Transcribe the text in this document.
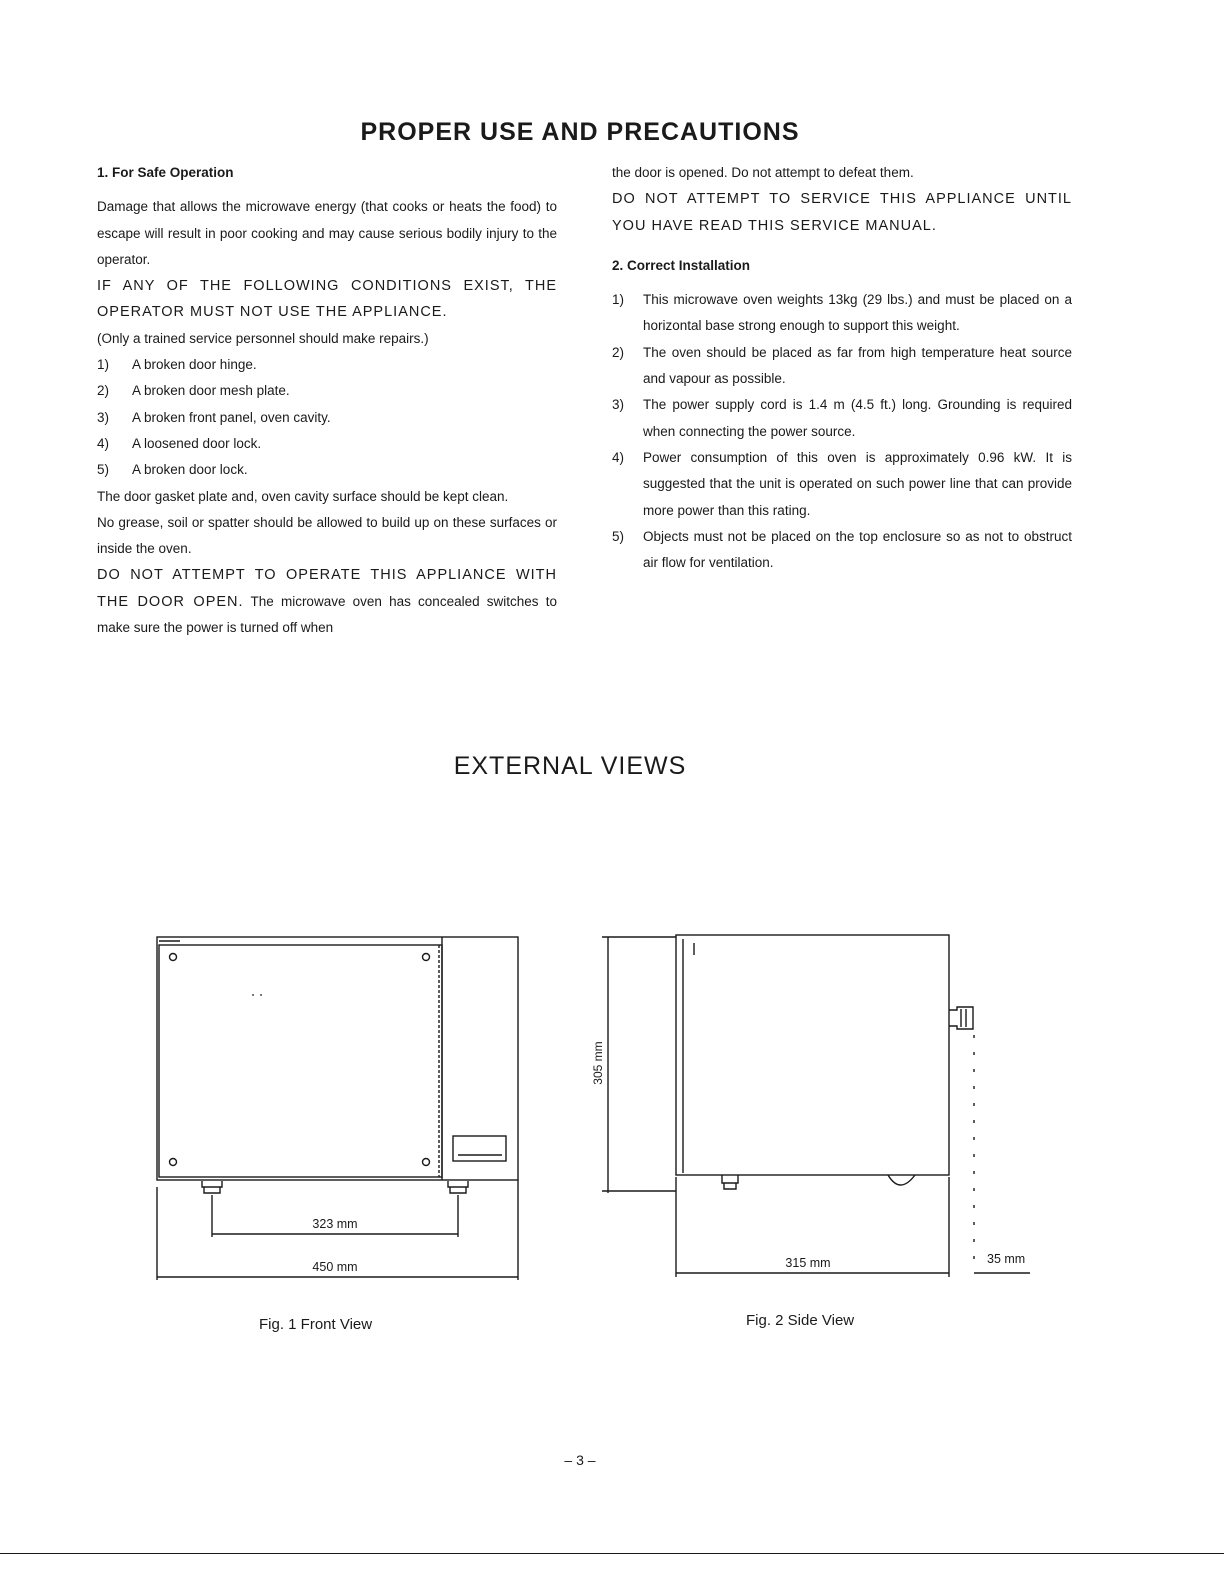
PROPER USE AND PRECAUTIONS

1. For Safe Operation

Damage that allows the microwave energy (that cooks or heats the food) to escape will result in poor cooking and may cause serious bodily injury to the operator.

IF ANY OF THE FOLLOWING CONDITIONS EXIST, THE OPERATOR MUST NOT USE THE APPLIANCE.

(Only a trained service personnel should make repairs.)

1)	A broken door hinge.
2)	A broken door mesh plate.
3)	A broken front panel, oven cavity.
4)	A loosened door lock.
5)	A broken door lock.

The door gasket plate and, oven cavity surface should be kept clean.

No grease, soil or spatter should be allowed to build up on these surfaces or inside the oven.

DO NOT ATTEMPT TO OPERATE THIS APPLIANCE WITH THE DOOR OPEN. The microwave oven has concealed switches to make sure the power is turned off when

the door is opened. Do not attempt to defeat them.

DO NOT ATTEMPT TO SERVICE THIS APPLIANCE UNTIL YOU HAVE READ THIS SERVICE MANUAL.

2. Correct Installation

1)	This microwave oven weights 13kg (29 lbs.) and must be placed on a horizontal base strong enough to support this weight.
2)	The oven should be placed as far from high temperature heat source and vapour as possible.
3)	The power supply cord is 1.4 m (4.5 ft.) long. Grounding is required when connecting the power source.
4)	Power consumption of this oven is approximately 0.96 kW. It is suggested that the unit is operated on such power line that can provide more power than this rating.
5)	Objects must not be placed on the top enclosure so as not to obstruct air flow for ventilation.
EXTERNAL VIEWS
323 mm
450 mm
Fig. 1 Front View
305 mm
315 mm	35 mm
Fig. 2 Side View
– 3 –
